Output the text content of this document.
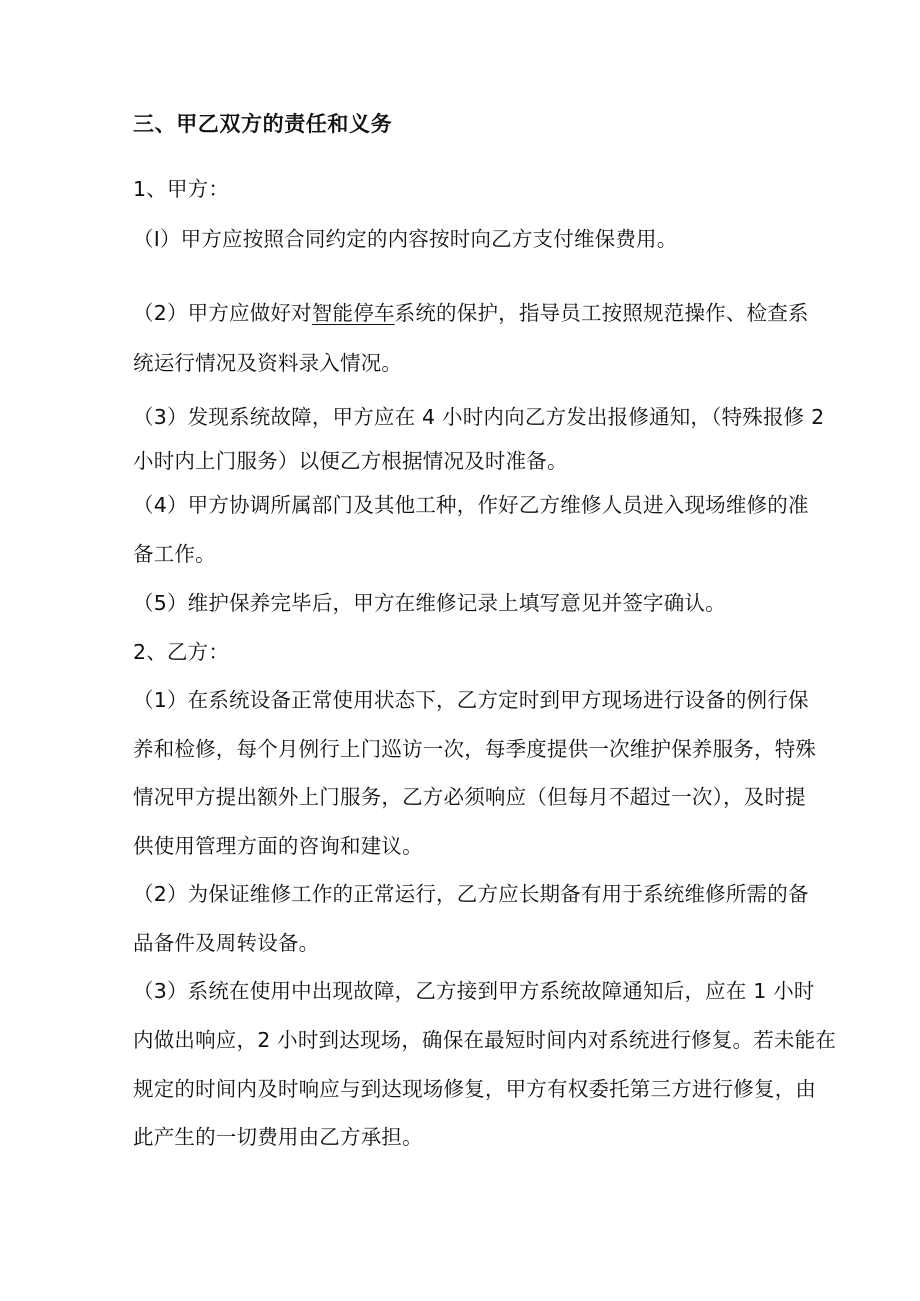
三、甲乙双方的责任和义务
1、甲方：
（I）甲方应按照合同约定的内容按时向乙方支付维保费用。
（2）甲方应做好对智能停车系统的保护，指导员工按照规范操作、检查系
统运行情况及资料录入情况。
（3）发现系统故障，甲方应在 4 小时内向乙方发出报修通知，（特殊报修 2
小时内上门服务）以便乙方根据情况及时准备。
（4）甲方协调所属部门及其他工种，作好乙方维修人员进入现场维修的准
备工作。
（5）维护保养完毕后，甲方在维修记录上填写意见并签字确认。
2、乙方：
（1）在系统设备正常使用状态下，乙方定时到甲方现场进行设备的例行保
养和检修，每个月例行上门巡访一次，每季度提供一次维护保养服务，特殊
情况甲方提出额外上门服务，乙方必须响应（但每月不超过一次），及时提
供使用管理方面的咨询和建议。
（2）为保证维修工作的正常运行，乙方应长期备有用于系统维修所需的备
品备件及周转设备。
（3）系统在使用中出现故障，乙方接到甲方系统故障通知后，应在 1 小时
内做出响应，2 小时到达现场，确保在最短时间内对系统进行修复。若未能在
规定的时间内及时响应与到达现场修复，甲方有权委托第三方进行修复，由
此产生的一切费用由乙方承担。
